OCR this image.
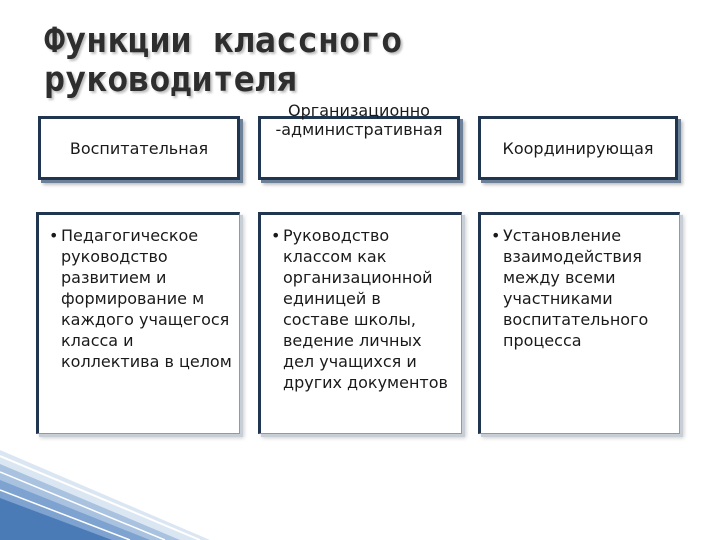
Функции классного руководителя
Воспитательная
Организационно -административная
Координирующая
• Педагогическое руководство развитием и формирование м каждого учащегося класса и коллектива в целом
• Руководство классом как организационной единицей в составе школы, ведение личных дел учащихся и других документов
• Установление взаимодействия между всеми участниками воспитательного процесса
